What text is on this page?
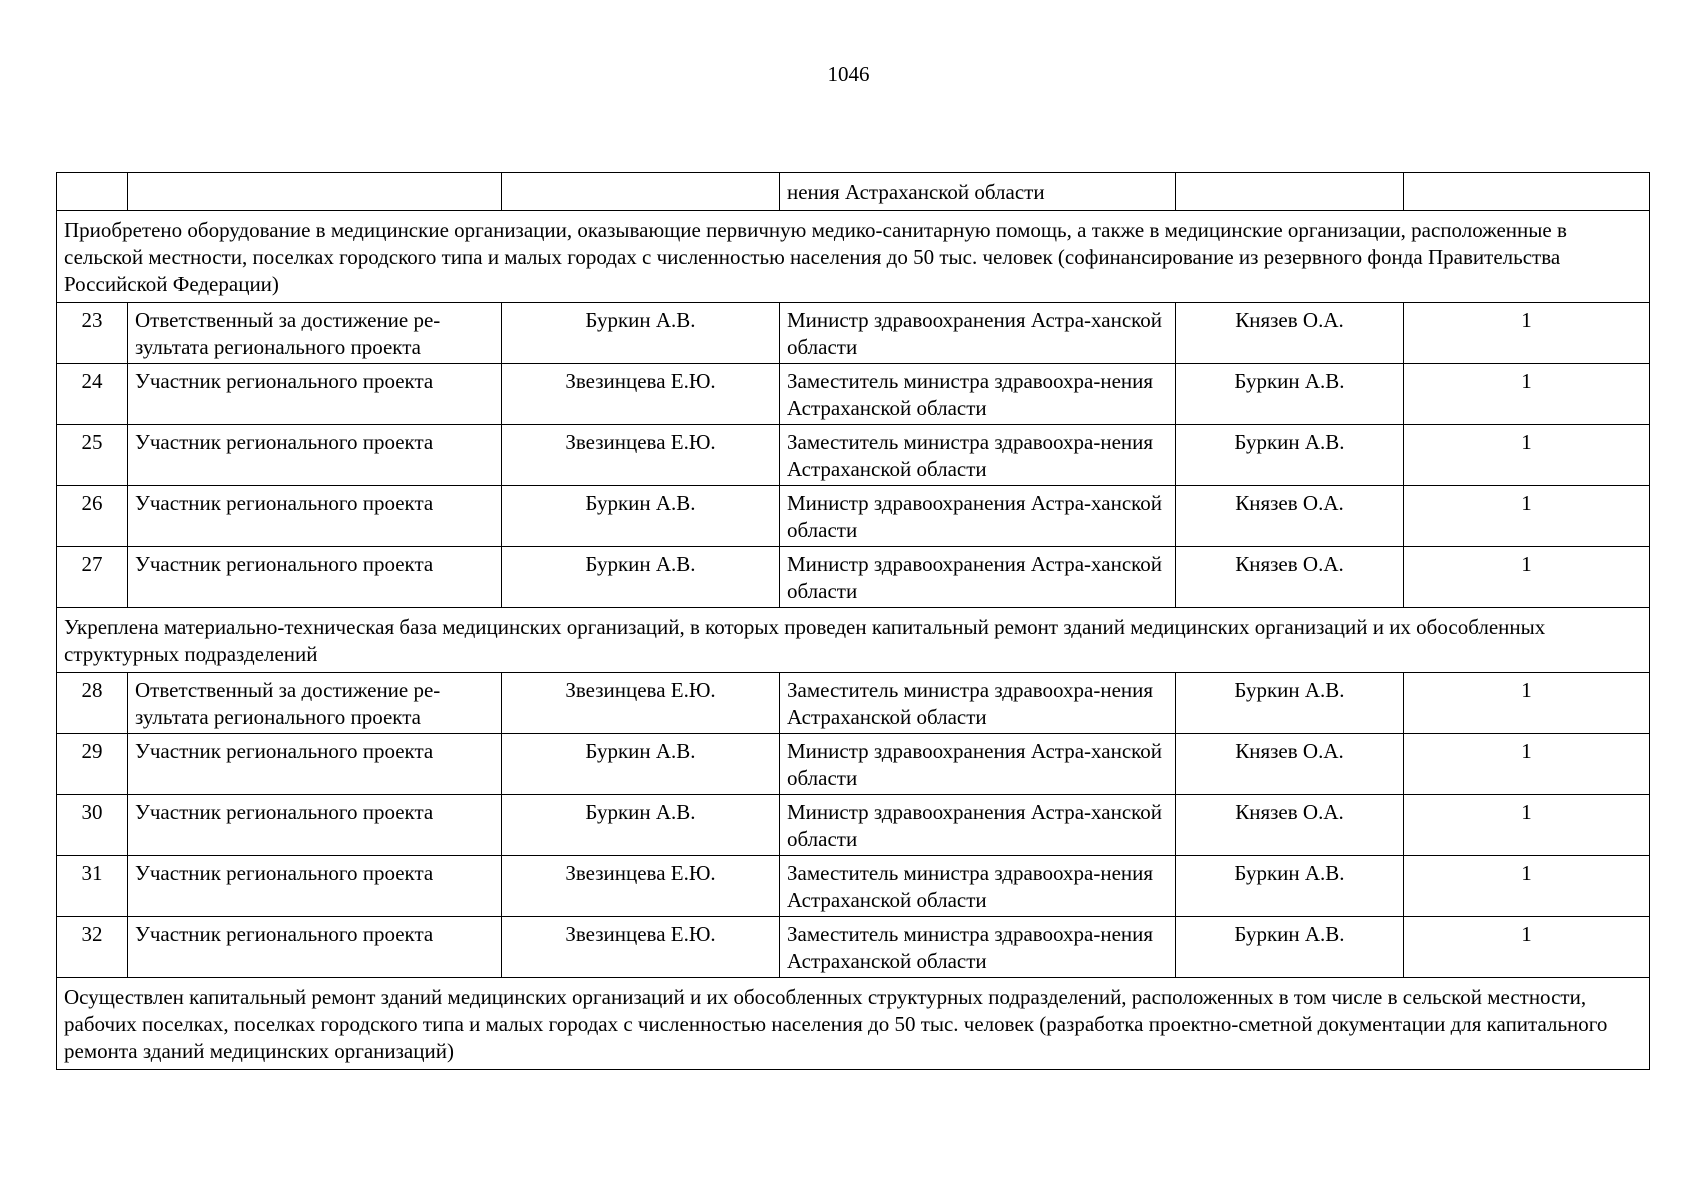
1046
			нения Астраханской области		
Приобретено оборудование в медицинские организации, оказывающие первичную медико-санитарную помощь, а также в медицинские организации, расположенные в сельской местности, поселках городского типа и малых городах с численностью населения до 50 тыс. человек (софинансирование из резервного фонда Правительства Российской Федерации)					
23	Ответственный за достижение ре-зультата регионального проекта	Буркин А.В.	Министр здравоохранения Астра-ханской области	Князев О.А.	1
24	Участник регионального проекта	Звезинцева Е.Ю.	Заместитель министра здравоохра-нения Астраханской области	Буркин А.В.	1
25	Участник регионального проекта	Звезинцева Е.Ю.	Заместитель министра здравоохра-нения Астраханской области	Буркин А.В.	1
26	Участник регионального проекта	Буркин А.В.	Министр здравоохранения Астра-ханской области	Князев О.А.	1
27	Участник регионального проекта	Буркин А.В.	Министр здравоохранения Астра-ханской области	Князев О.А.	1
Укреплена материально-техническая база медицинских организаций, в которых проведен капитальный ремонт зданий медицинских организаций и их обособленных структурных подразделений					
28	Ответственный за достижение ре-зультата регионального проекта	Звезинцева Е.Ю.	Заместитель министра здравоохра-нения Астраханской области	Буркин А.В.	1
29	Участник регионального проекта	Буркин А.В.	Министр здравоохранения Астра-ханской области	Князев О.А.	1
30	Участник регионального проекта	Буркин А.В.	Министр здравоохранения Астра-ханской области	Князев О.А.	1
31	Участник регионального проекта	Звезинцева Е.Ю.	Заместитель министра здравоохра-нения Астраханской области	Буркин А.В.	1
32	Участник регионального проекта	Звезинцева Е.Ю.	Заместитель министра здравоохра-нения Астраханской области	Буркин А.В.	1
Осуществлен капитальный ремонт зданий медицинских организаций и их обособленных структурных подразделений, расположенных в том числе в сельской местности, рабочих поселках, поселках городского типа и малых городах с численностью населения до 50 тыс. человек (разработка проектно-сметной документации для капитального ремонта зданий медицинских организаций)					
